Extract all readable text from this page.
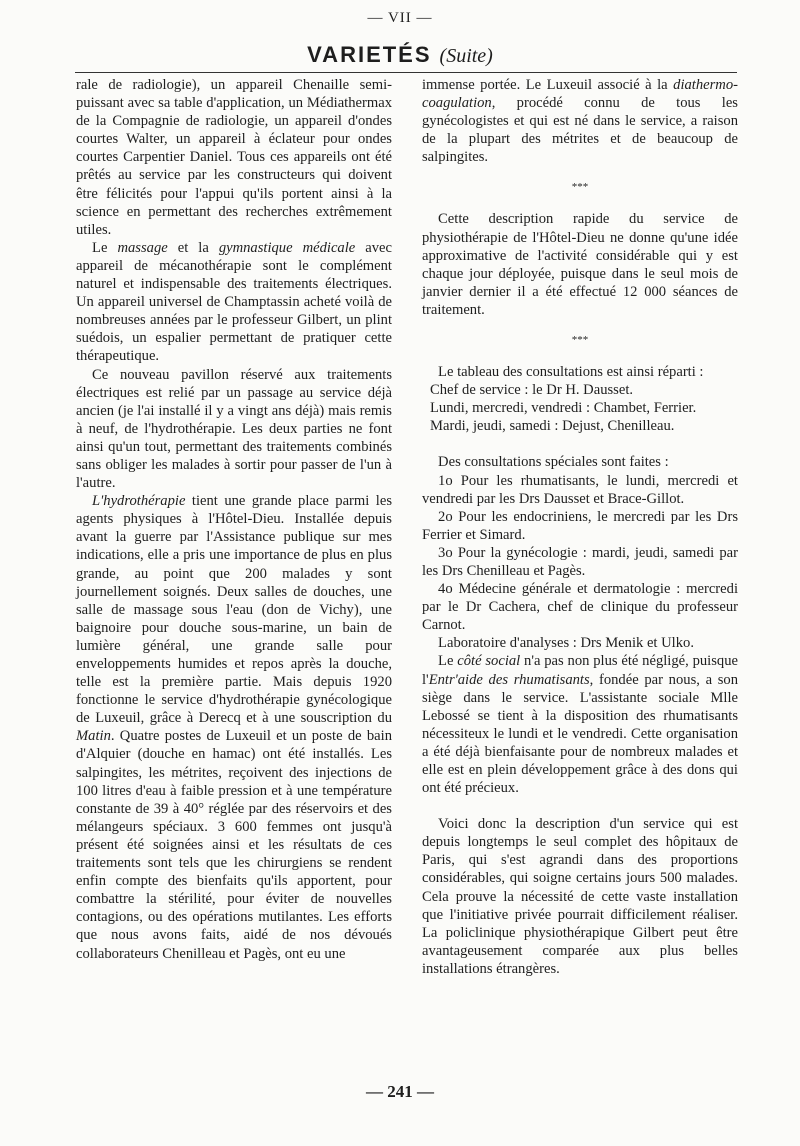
— VII —
VARIETÉS (Suite)

rale de radiologie), un appareil Chenaille semi-puissant avec sa table d'application, un Médiathermax de la Compagnie de radiologie, un appareil d'ondes courtes Walter, un appareil à éclateur pour ondes courtes Carpentier Daniel. Tous ces appareils ont été prêtés au service par les constructeurs qui doivent être félicités pour l'appui qu'ils portent ainsi à la science en permettant des recherches extrêmement utiles.

Le massage et la gymnastique médicale avec appareil de mécanothérapie sont le complément naturel et indispensable des traitements électriques. Un appareil universel de Champtassin acheté voilà de nombreuses années par le professeur Gilbert, un plint suédois, un espalier permettant de pratiquer cette thérapeutique.

Ce nouveau pavillon réservé aux traitements électriques est relié par un passage au service déjà ancien (je l'ai installé il y a vingt ans déjà) mais remis à neuf, de l'hydrothérapie. Les deux parties ne font ainsi qu'un tout, permettant des traitements combinés sans obliger les malades à sortir pour passer de l'un à l'autre.

L'hydrothérapie tient une grande place parmi les agents physiques à l'Hôtel-Dieu. Installée depuis avant la guerre par l'Assistance publique sur mes indications, elle a pris une importance de plus en plus grande, au point que 200 malades y sont journellement soignés. Deux salles de douches, une salle de massage sous l'eau (don de Vichy), une baignoire pour douche sous-marine, un bain de lumière général, une grande salle pour enveloppements humides et repos après la douche, telle est la première partie. Mais depuis 1920 fonctionne le service d'hydrothérapie gynécologique de Luxeuil, grâce à Derecq et à une souscription du Matin. Quatre postes de Luxeuil et un poste de bain d'Alquier (douche en hamac) ont été installés. Les salpingites, les métrites, reçoivent des injections de 100 litres d'eau à faible pression et à une température constante de 39 à 40° réglée par des réservoirs et des mélangeurs spéciaux. 3 600 femmes ont jusqu'à présent été soignées ainsi et les résultats de ces traitements sont tels que les chirurgiens se rendent enfin compte des bienfaits qu'ils apportent, pour combattre la stérilité, pour éviter de nouvelles contagions, ou des opérations mutilantes. Les efforts que nous avons faits, aidé de nos dévoués collaborateurs Chenilleau et Pagès, ont eu une

immense portée. Le Luxeuil associé à la diathermo-coagulation, procédé connu de tous les gynécologistes et qui est né dans le service, a raison de la plupart des métrites et de beaucoup de salpingites.

***

Cette description rapide du service de physiothérapie de l'Hôtel-Dieu ne donne qu'une idée approximative de l'activité considérable qui y est chaque jour déployée, puisque dans le seul mois de janvier dernier il a été effectué 12 000 séances de traitement.

***

Le tableau des consultations est ainsi réparti :

Chef de service : le Dr H. Dausset.

Lundi, mercredi, vendredi : Chambet, Ferrier.

Mardi, jeudi, samedi : Dejust, Chenilleau.

Des consultations spéciales sont faites :

1o Pour les rhumatisants, le lundi, mercredi et vendredi par les Drs Dausset et Brace-Gillot.

2o Pour les endocriniens, le mercredi par les Drs Ferrier et Simard.

3o Pour la gynécologie : mardi, jeudi, samedi par les Drs Chenilleau et Pagès.

4o Médecine générale et dermatologie : mercredi par le Dr Cachera, chef de clinique du professeur Carnot.

Laboratoire d'analyses : Drs Menik et Ulko.

Le côté social n'a pas non plus été négligé, puisque l'Entr'aide des rhumatisants, fondée par nous, a son siège dans le service. L'assistante sociale Mlle Lebossé se tient à la disposition des rhumatisants nécessiteux le lundi et le vendredi. Cette organisation a été déjà bienfaisante pour de nombreux malades et elle est en plein développement grâce à des dons qui ont été précieux.

Voici donc la description d'un service qui est depuis longtemps le seul complet des hôpitaux de Paris, qui s'est agrandi dans des proportions considérables, qui soigne certains jours 500 malades. Cela prouve la nécessité de cette vaste installation que l'initiative privée pourrait difficilement réaliser. La policlinique physiothérapique Gilbert peut être avantageusement comparée aux plus belles installations étrangères.

— 241 —
